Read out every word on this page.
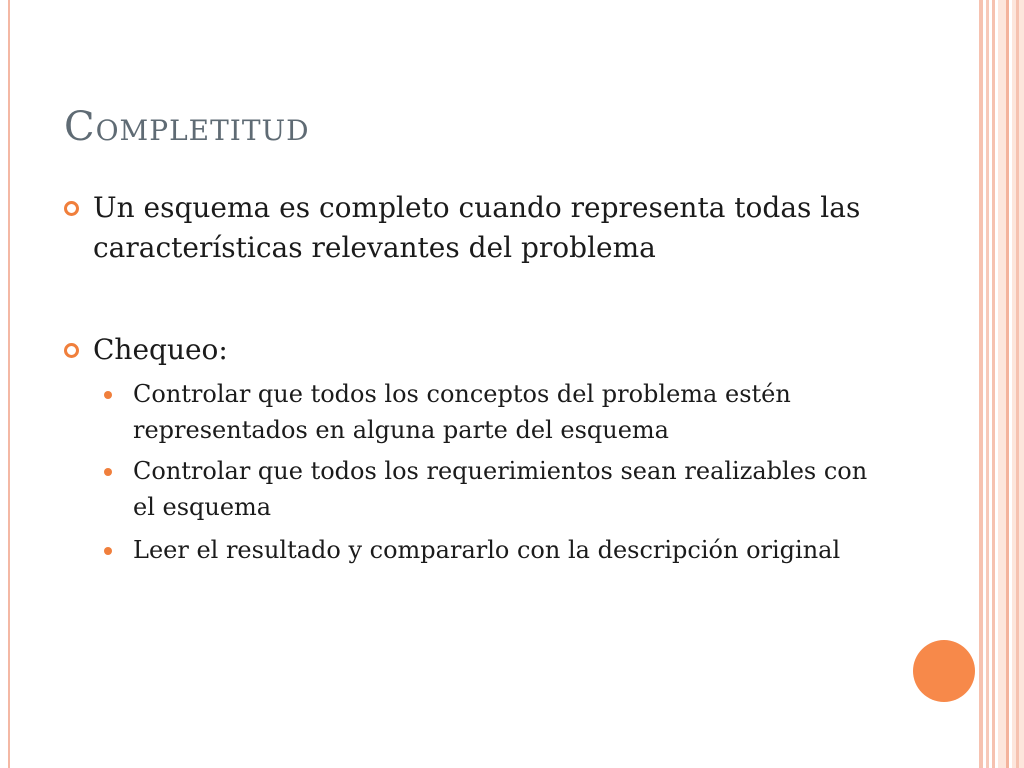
Completitud
Un esquema es completo cuando representa todas las características relevantes del problema
Chequeo:
Controlar que todos los conceptos del problema estén representados en alguna parte del esquema
Controlar que todos los requerimientos sean realizables con el esquema
Leer el resultado y compararlo con la descripción original
